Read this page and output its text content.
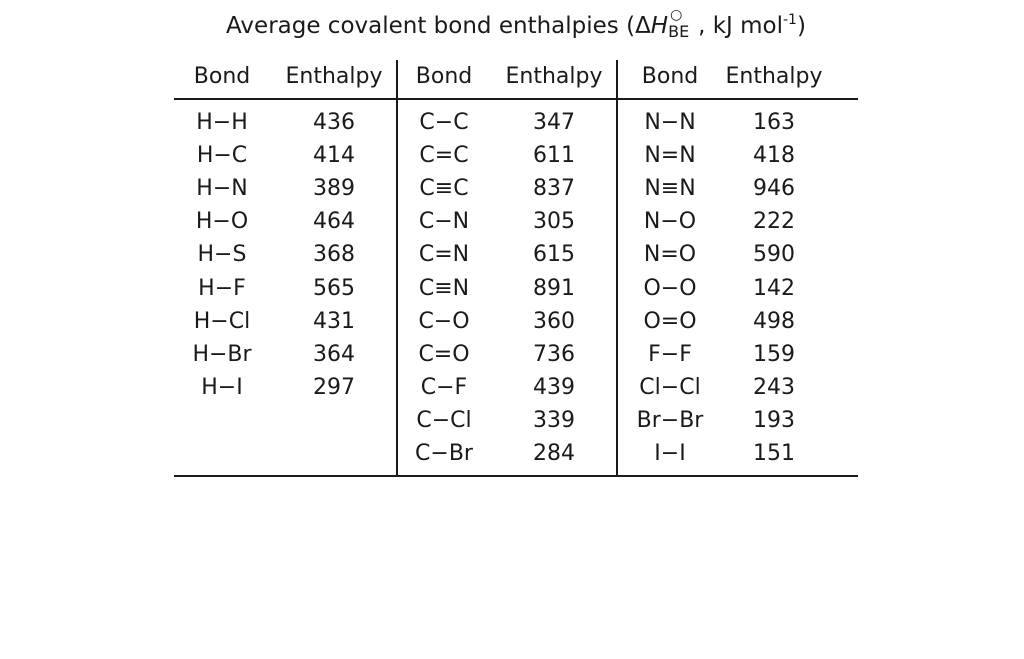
Average covalent bond enthalpies (ΔH ○
BE , kJ mol$^{-1}$)
Bond	Enthalpy
H−H	436
H−C	414
H−N	389
H−O	464
H−S	368
H−F	565
H−Cl	431
H−Br	364
H−I	297
Bond	Enthalpy
C−C	347
C=C	611
C≡C	837
C−N	305
C=N	615
C≡N	891
C−O	360
C=O	736
C−F	439
C−Cl	339
C−Br	284
Bond	Enthalpy
N−N	163
N=N	418
N≡N	946
N−O	222
N=O	590
O−O	142
O=O	498
F−F	159
Cl−Cl	243
Br−Br	193
I−I	151
